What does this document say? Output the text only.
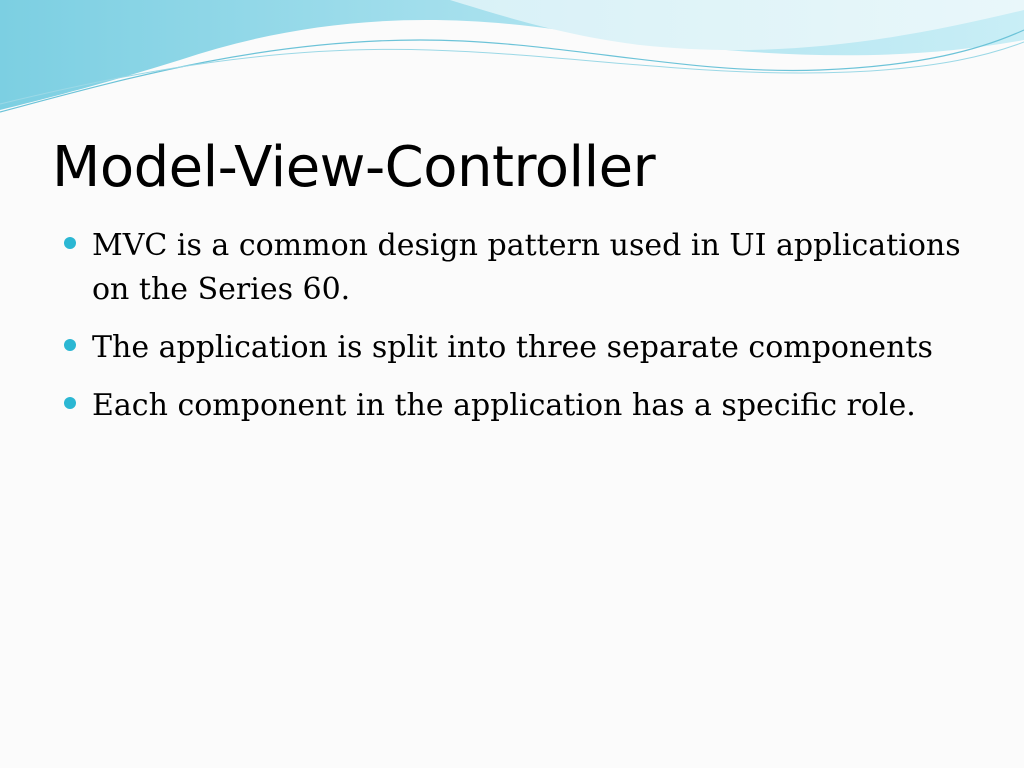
Model-View-Controller
MVC is a common design pattern used in UI applications on the Series 60.
The application is split into three separate components
Each component in the application has a specific role.
